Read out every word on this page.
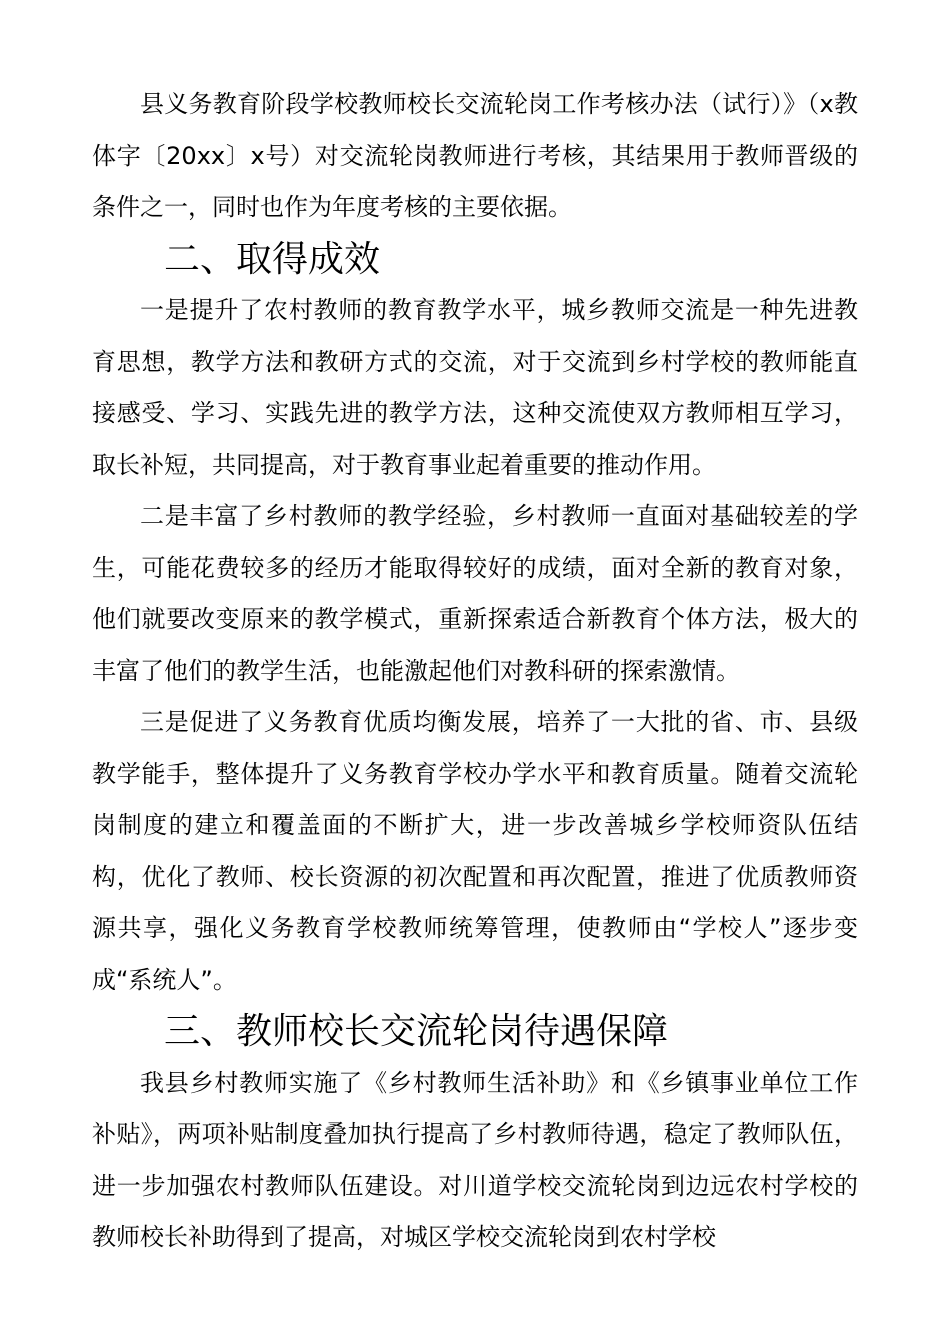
县义务教育阶段学校教师校长交流轮岗工作考核办法（试行）》（x教体字〔20xx〕x号）对交流轮岗教师进行考核，其结果用于教师晋级的条件之一，同时也作为年度考核的主要依据。

二、取得成效

一是提升了农村教师的教育教学水平，城乡教师交流是一种先进教育思想，教学方法和教研方式的交流，对于交流到乡村学校的教师能直接感受、学习、实践先进的教学方法，这种交流使双方教师相互学习，取长补短，共同提高，对于教育事业起着重要的推动作用。

二是丰富了乡村教师的教学经验，乡村教师一直面对基础较差的学生，可能花费较多的经历才能取得较好的成绩，面对全新的教育对象，他们就要改变原来的教学模式，重新探索适合新教育个体方法，极大的丰富了他们的教学生活，也能激起他们对教科研的探索激情。

三是促进了义务教育优质均衡发展，培养了一大批的省、市、县级教学能手，整体提升了义务教育学校办学水平和教育质量。随着交流轮岗制度的建立和覆盖面的不断扩大，进一步改善城乡学校师资队伍结构，优化了教师、校长资源的初次配置和再次配置，推进了优质教师资源共享，强化义务教育学校教师统筹管理，使教师由“学校人”逐步变成“系统人”。

三、教师校长交流轮岗待遇保障

我县乡村教师实施了《乡村教师生活补助》和《乡镇事业单位工作补贴》，两项补贴制度叠加执行提高了乡村教师待遇，稳定了教师队伍，进一步加强农村教师队伍建设。对川道学校交流轮岗到边远农村学校的教师校长补助得到了提高，对城区学校交流轮岗到农村学校
